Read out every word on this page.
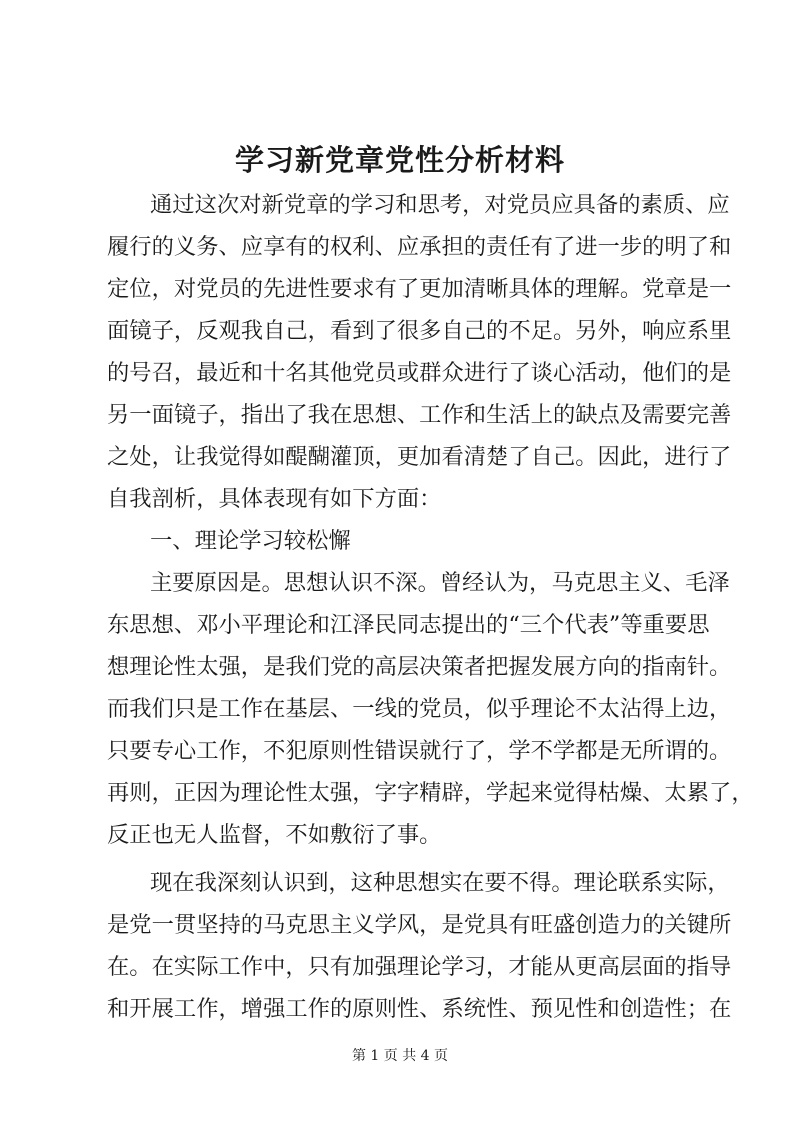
学习新党章党性分析材料
通过这次对新党章的学习和思考，对党员应具备的素质、应
履行的义务、应享有的权利、应承担的责任有了进一步的明了和
定位，对党员的先进性要求有了更加清晰具体的理解。党章是一
面镜子，反观我自己，看到了很多自己的不足。另外，响应系里
的号召，最近和十名其他党员或群众进行了谈心活动，他们的是
另一面镜子，指出了我在思想、工作和生活上的缺点及需要完善
之处，让我觉得如醍醐灌顶，更加看清楚了自己。因此，进行了
自我剖析，具体表现有如下方面：
一、理论学习较松懈
主要原因是。思想认识不深。曾经认为，马克思主义、毛泽
东思想、邓小平理论和江泽民同志提出的“三个代表”等重要思
想理论性太强，是我们党的高层决策者把握发展方向的指南针。
而我们只是工作在基层、一线的党员，似乎理论不太沾得上边，
只要专心工作，不犯原则性错误就行了，学不学都是无所谓的。
再则，正因为理论性太强，字字精辟，学起来觉得枯燥、太累了，
反正也无人监督，不如敷衍了事。
现在我深刻认识到，这种思想实在要不得。理论联系实际，
是党一贯坚持的马克思主义学风，是党具有旺盛创造力的关键所
在。在实际工作中，只有加强理论学习，才能从更高层面的指导
和开展工作，增强工作的原则性、系统性、预见性和创造性；在
第 1 页 共 4 页
